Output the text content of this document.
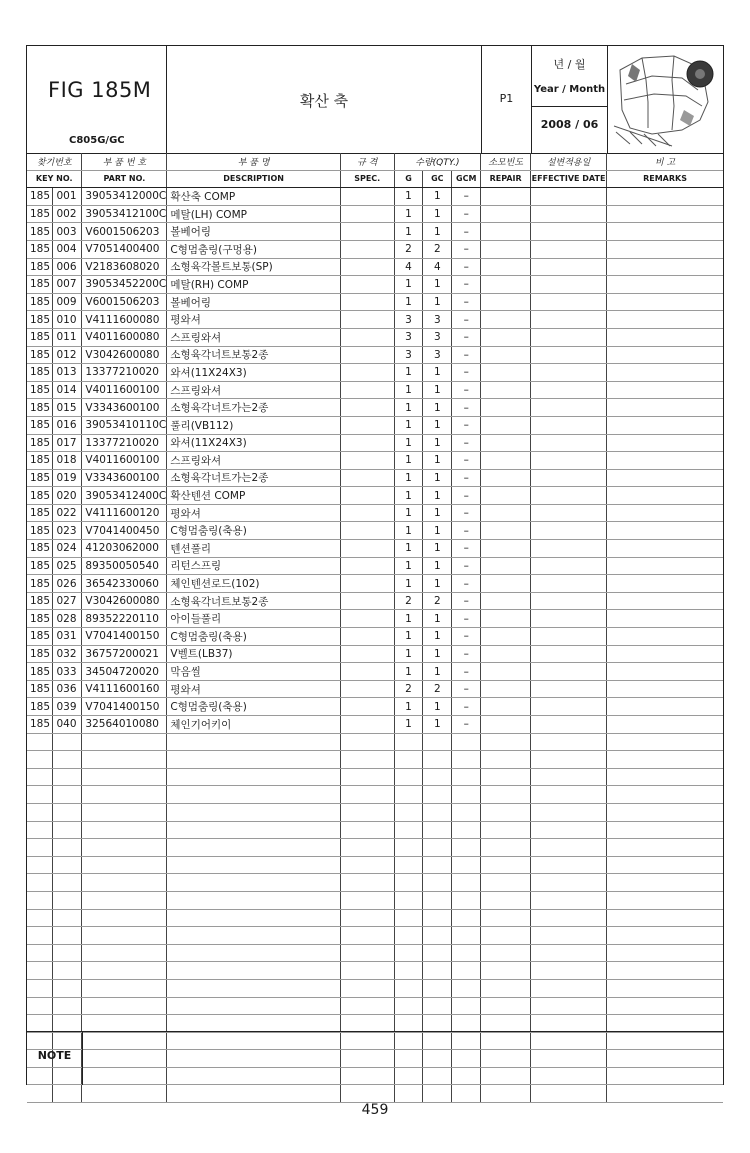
FIG 185M
C805G/GC
확산 축	P1
년 / 월
Year / Month
2008 / 06
찾기번호		부 품 번 호	부 품 명	규 격	수량(QTY.)			소모빈도	설변적용일	비 고
KEY NO.		PART NO.	DESCRIPTION	SPEC.	G	GC	GCM	REPAIR	EFFECTIVE DATE	REMARKS
185	001	39053412000C	확산축 COMP		1	1	–			
185	002	39053412100C	메탈(LH) COMP		1	1	–			
185	003	V6001506203	볼베어링		1	1	–			
185	004	V7051400400	C형멈춤링(구멍용)		2	2	–			
185	006	V2183608020	소형육각볼트보통(SP)		4	4	–			
185	007	39053452200C	메탈(RH) COMP		1	1	–			
185	009	V6001506203	볼베어링		1	1	–			
185	010	V4111600080	평와셔		3	3	–			
185	011	V4011600080	스프링와셔		3	3	–			
185	012	V3042600080	소형육각너트보통2종		3	3	–			
185	013	13377210020	와셔(11X24X3)		1	1	–			
185	014	V4011600100	스프링와셔		1	1	–			
185	015	V3343600100	소형육각너트가는2종		1	1	–			
185	016	39053410110C	풀리(VB112)		1	1	–			
185	017	13377210020	와셔(11X24X3)		1	1	–			
185	018	V4011600100	스프링와셔		1	1	–			
185	019	V3343600100	소형육각너트가는2종		1	1	–			
185	020	39053412400C	확산텐션 COMP		1	1	–			
185	022	V4111600120	평와셔		1	1	–			
185	023	V7041400450	C형멈춤링(축용)		1	1	–			
185	024	41203062000	텐션풀리		1	1	–			
185	025	89350050540	리턴스프링		1	1	–			
185	026	36542330060	체인텐션로드(102)		1	1	–			
185	027	V3042600080	소형육각너트보통2종		2	2	–			
185	028	89352220110	아이들풀리		1	1	–			
185	031	V7041400150	C형멈춤링(축용)		1	1	–			
185	032	36757200021	V벨트(LB37)		1	1	–			
185	033	34504720020	막음씰		1	1	–			
185	036	V4111600160	평와셔		2	2	–			
185	039	V7041400150	C형멈춤링(축용)		1	1	–			
185	040	32564010080	체인기어키이		1	1	–			

NOTE
459
